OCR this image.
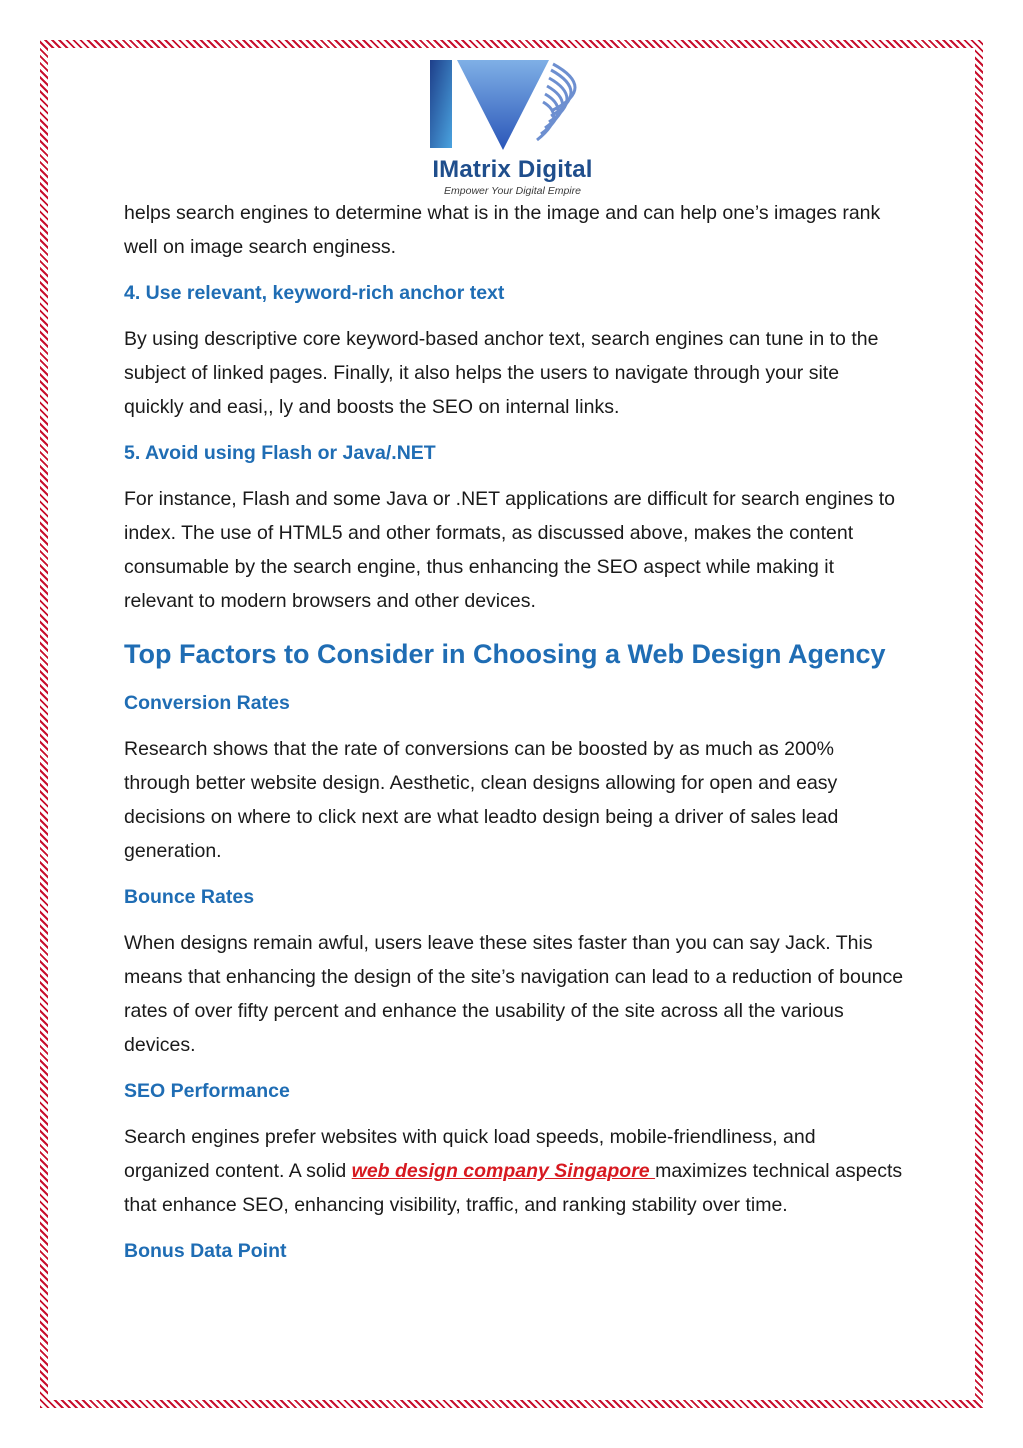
IMatrix Digital
Empower Your Digital Empire

helps search engines to determine what is in the image and can help one’s images rank well on image search enginess.

4. Use relevant, keyword-rich anchor text

By using descriptive core keyword-based anchor text, search engines can tune in to the subject of linked pages. Finally, it also helps the users to navigate through your site quickly and easi,, ly and boosts the SEO on internal links.

5. Avoid using Flash or Java/.NET

For instance, Flash and some Java or .NET applications are difficult for search engines to index. The use of HTML5 and other formats, as discussed above, makes the content consumable by the search engine, thus enhancing the SEO aspect while making it relevant to modern browsers and other devices.

Top Factors to Consider in Choosing a Web Design Agency
Conversion Rates

Research shows that the rate of conversions can be boosted by as much as 200% through better website design. Aesthetic, clean designs allowing for open and easy decisions on where to click next are what leadto design being a driver of sales lead generation.

Bounce Rates

When designs remain awful, users leave these sites faster than you can say Jack. This means that enhancing the design of the site’s navigation can lead to a reduction of bounce rates of over fifty percent and enhance the usability of the site across all the various devices.

SEO Performance

Search engines prefer websites with quick load speeds, mobile-friendliness, and organized content. A solid web design company Singapore maximizes technical aspects that enhance SEO, enhancing visibility, traffic, and ranking stability over time.

Bonus Data Point
